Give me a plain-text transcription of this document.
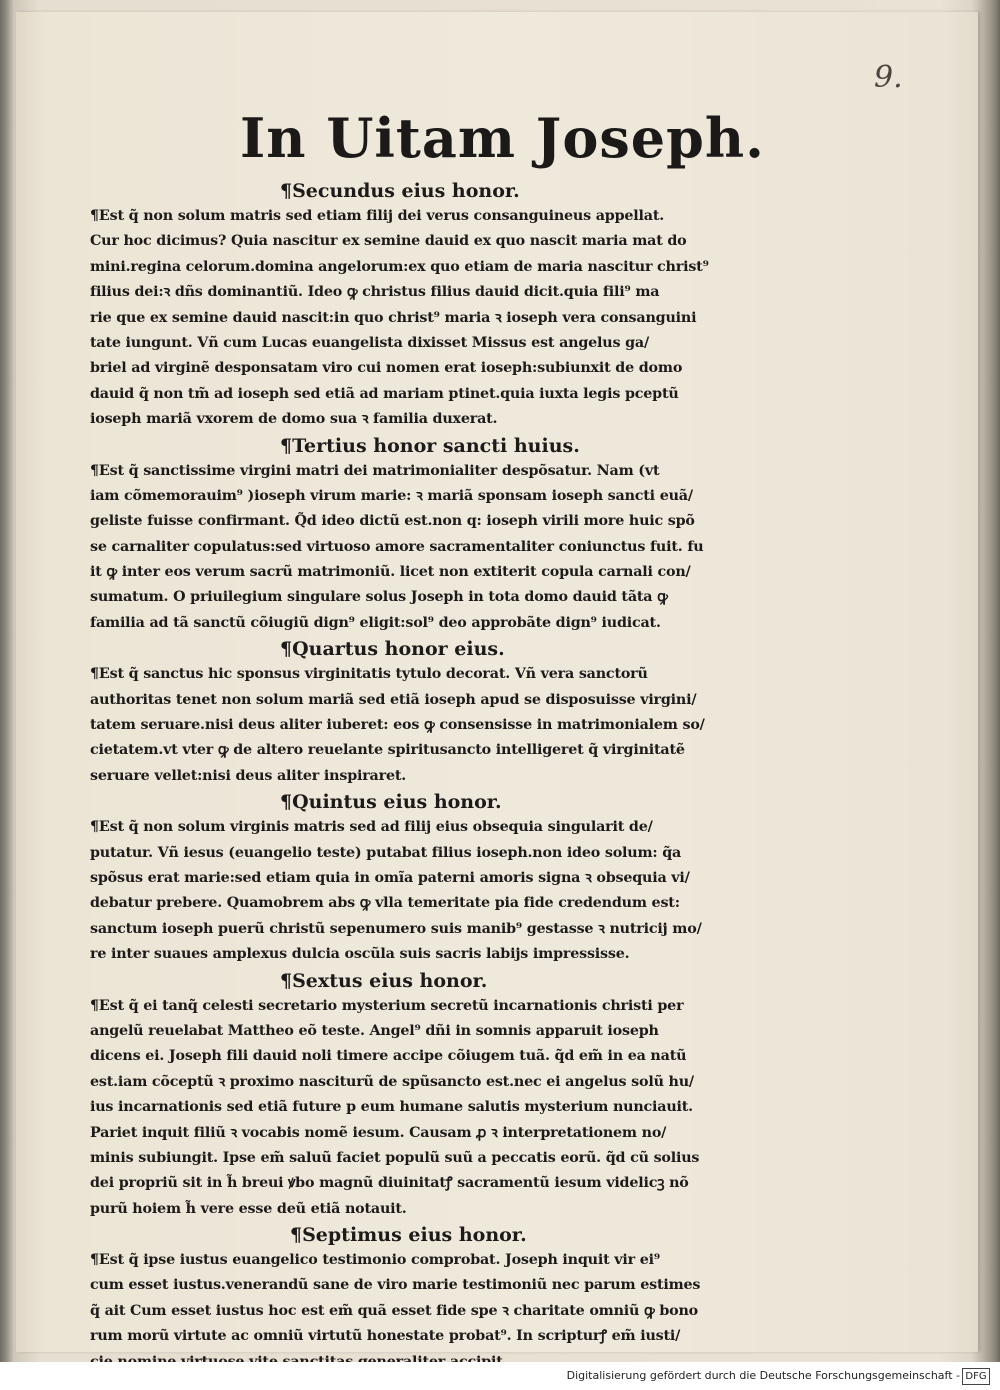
9.
In Uitam Joseph.
¶Secundus eius honor.
¶Est q̃ non solum matris sed etiam filij dei verus consanguineus appellat.
Cur hoc dicimus? Quia nascitur ex semine dauid ex quo nascit maria mat do
mini.regina celorum.domina angelorum:ex quo etiam de maria nascitur christ⁹
filius dei:ꝛ dñs dominantiũ. Ideo ꝙ christus filius dauid dicit.quia fili⁹ ma
rie que ex semine dauid nascit:in quo christ⁹ maria ꝛ ioseph vera consanguini
tate iungunt. Vñ cum Lucas euangelista dixisset Missus est angelus ga/
briel ad virginẽ desponsatam viro cui nomen erat ioseph:subiunxit de domo
dauid q̃ non tm̃ ad ioseph sed etiã ad mariam ptinet.quia iuxta legis pceptũ
ioseph mariã vxorem de domo sua ꝛ familia duxerat.
¶Tertius honor sancti huius.
¶Est q̃ sanctissime virgini matri dei matrimonialiter despõsatur. Nam (vt
iam cõmemorauim⁹ )ioseph virum marie: ꝛ mariã sponsam ioseph sancti euã/
geliste fuisse confirmant. Q̃d ideo dictũ est.non q: ioseph virili more huic spõ
se carnaliter copulatus:sed virtuoso amore sacramentaliter coniunctus fuit. fu
it ꝙ inter eos verum sacrũ matrimoniũ. licet non extiterit copula carnali con/
sumatum. O priuilegium singulare solus Joseph in tota domo dauid tãta ꝙ
familia ad tã sanctũ cõiugiũ dign⁹ eligit:sol⁹ deo approbãte dign⁹ iudicat.
¶Quartus honor eius.
¶Est q̃ sanctus hic sponsus virginitatis tytulo decorat. Vñ vera sanctorũ
authoritas tenet non solum mariã sed etiã ioseph apud se disposuisse virgini/
tatem seruare.nisi deus aliter iuberet: eos ꝙ consensisse in matrimonialem so/
cietatem.vt vter ꝙ de altero reuelante spiritusancto intelligeret q̃ virginitatẽ
seruare vellet:nisi deus aliter inspiraret.
¶Quintus eius honor.
¶Est q̃ non solum virginis matris sed ad filij eius obsequia singularit de/
putatur. Vñ iesus (euangelio teste) putabat filius ioseph.non ideo solum: q̃a
spõsus erat marie:sed etiam quia in omĩa paterni amoris signa ꝛ obsequia vi/
debatur prebere. Quamobrem abs ꝙ vlla temeritate pia fide credendum est:
sanctum ioseph puerũ christũ sepenumero suis manib⁹ gestasse ꝛ nutricij mo/
re inter suaues amplexus dulcia oscũla suis sacris labijs impressisse.
¶Sextus eius honor.
¶Est q̃ ei tanq̃ celesti secretario mysterium secretũ incarnationis christi per
angelũ reuelabat Mattheo eõ teste. Angel⁹ dñi in somnis apparuit ioseph
dicens ei. Joseph fili dauid noli timere accipe cõiugem tuã. q̃d em̃ in ea natũ
est.iam cõceptũ ꝛ proximo nasciturũ de spũsancto est.nec ei angelus solũ hu/
ius incarnationis sed etiã future p eum humane salutis mysterium nunciauit.
Pariet inquit filiũ ꝛ vocabis nomẽ iesum. Causam ꝓ ꝛ interpretationem no/
minis subiungit. Ipse em̃ saluũ faciet populũ suũ a peccatis eorũ. q̃d cũ solius
dei propriũ sit in h̃ breui ꝟbo magnũ diuinitatꝭ sacramentũ iesum videlicꝫ nõ
purũ hoiem h̃ vere esse deũ etiã notauit.
¶Septimus eius honor.
¶Est q̃ ipse iustus euangelico testimonio comprobat. Joseph inquit vir ei⁹
cum esset iustus.venerandũ sane de viro marie testimoniũ nec parum estimes
q̃ ait Cum esset iustus hoc est em̃ quã esset fide spe ꝛ charitate omniũ ꝙ bono
rum morũ virtute ac omniũ virtutũ honestate probat⁹. In scripturꝭ em̃ iusti/
Digitalisierung gefördert durch die Deutsche Forschungsgemeinschaft - DFG
